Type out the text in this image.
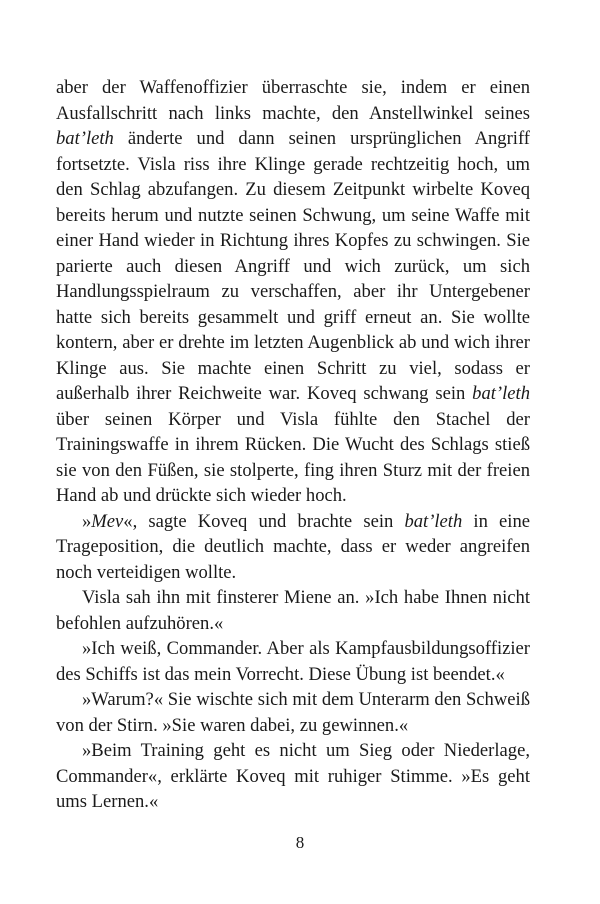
aber der Waffenoffizier überraschte sie, indem er einen Ausfallschritt nach links machte, den Anstellwinkel seines bat’leth änderte und dann seinen ursprünglichen Angriff fortsetzte. Visla riss ihre Klinge gerade rechtzeitig hoch, um den Schlag abzufangen. Zu diesem Zeitpunkt wirbelte Koveq bereits herum und nutzte seinen Schwung, um seine Waffe mit einer Hand wieder in Richtung ihres Kopfes zu schwingen. Sie parierte auch diesen Angriff und wich zurück, um sich Handlungsspielraum zu verschaffen, aber ihr Untergebener hatte sich bereits gesammelt und griff erneut an. Sie wollte kontern, aber er drehte im letzten Augenblick ab und wich ihrer Klinge aus. Sie machte einen Schritt zu viel, sodass er außerhalb ihrer Reichweite war. Koveq schwang sein bat’leth über seinen Körper und Visla fühlte den Stachel der Trainingswaffe in ihrem Rücken. Die Wucht des Schlags stieß sie von den Füßen, sie stolperte, fing ihren Sturz mit der freien Hand ab und drückte sich wieder hoch.

»Mev«, sagte Koveq und brachte sein bat’leth in eine Trageposition, die deutlich machte, dass er weder angreifen noch verteidigen wollte.

Visla sah ihn mit finsterer Miene an. »Ich habe Ihnen nicht befohlen aufzuhören.«

»Ich weiß, Commander. Aber als Kampfausbildungsoffizier des Schiffs ist das mein Vorrecht. Diese Übung ist beendet.«

»Warum?« Sie wischte sich mit dem Unterarm den Schweiß von der Stirn. »Sie waren dabei, zu gewinnen.«

»Beim Training geht es nicht um Sieg oder Niederlage, Commander«, erklärte Koveq mit ruhiger Stimme. »Es geht ums Lernen.«

8
